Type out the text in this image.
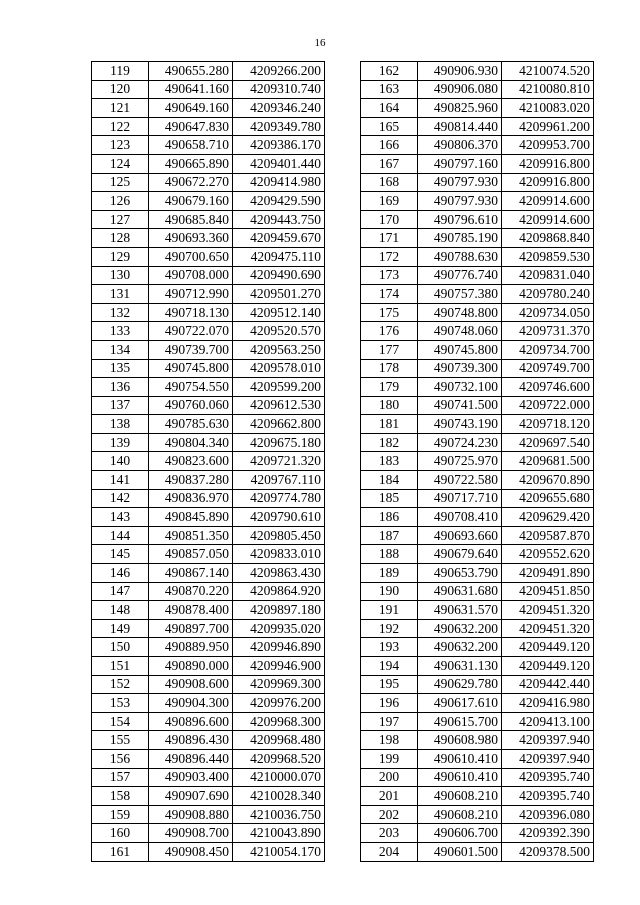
16
119	490655.280	4209266.200
120	490641.160	4209310.740
121	490649.160	4209346.240
122	490647.830	4209349.780
123	490658.710	4209386.170
124	490665.890	4209401.440
125	490672.270	4209414.980
126	490679.160	4209429.590
127	490685.840	4209443.750
128	490693.360	4209459.670
129	490700.650	4209475.110
130	490708.000	4209490.690
131	490712.990	4209501.270
132	490718.130	4209512.140
133	490722.070	4209520.570
134	490739.700	4209563.250
135	490745.800	4209578.010
136	490754.550	4209599.200
137	490760.060	4209612.530
138	490785.630	4209662.800
139	490804.340	4209675.180
140	490823.600	4209721.320
141	490837.280	4209767.110
142	490836.970	4209774.780
143	490845.890	4209790.610
144	490851.350	4209805.450
145	490857.050	4209833.010
146	490867.140	4209863.430
147	490870.220	4209864.920
148	490878.400	4209897.180
149	490897.700	4209935.020
150	490889.950	4209946.890
151	490890.000	4209946.900
152	490908.600	4209969.300
153	490904.300	4209976.200
154	490896.600	4209968.300
155	490896.430	4209968.480
156	490896.440	4209968.520
157	490903.400	4210000.070
158	490907.690	4210028.340
159	490908.880	4210036.750
160	490908.700	4210043.890
161	490908.450	4210054.170
162	490906.930	4210074.520
163	490906.080	4210080.810
164	490825.960	4210083.020
165	490814.440	4209961.200
166	490806.370	4209953.700
167	490797.160	4209916.800
168	490797.930	4209916.800
169	490797.930	4209914.600
170	490796.610	4209914.600
171	490785.190	4209868.840
172	490788.630	4209859.530
173	490776.740	4209831.040
174	490757.380	4209780.240
175	490748.800	4209734.050
176	490748.060	4209731.370
177	490745.800	4209734.700
178	490739.300	4209749.700
179	490732.100	4209746.600
180	490741.500	4209722.000
181	490743.190	4209718.120
182	490724.230	4209697.540
183	490725.970	4209681.500
184	490722.580	4209670.890
185	490717.710	4209655.680
186	490708.410	4209629.420
187	490693.660	4209587.870
188	490679.640	4209552.620
189	490653.790	4209491.890
190	490631.680	4209451.850
191	490631.570	4209451.320
192	490632.200	4209451.320
193	490632.200	4209449.120
194	490631.130	4209449.120
195	490629.780	4209442.440
196	490617.610	4209416.980
197	490615.700	4209413.100
198	490608.980	4209397.940
199	490610.410	4209397.940
200	490610.410	4209395.740
201	490608.210	4209395.740
202	490608.210	4209396.080
203	490606.700	4209392.390
204	490601.500	4209378.500
